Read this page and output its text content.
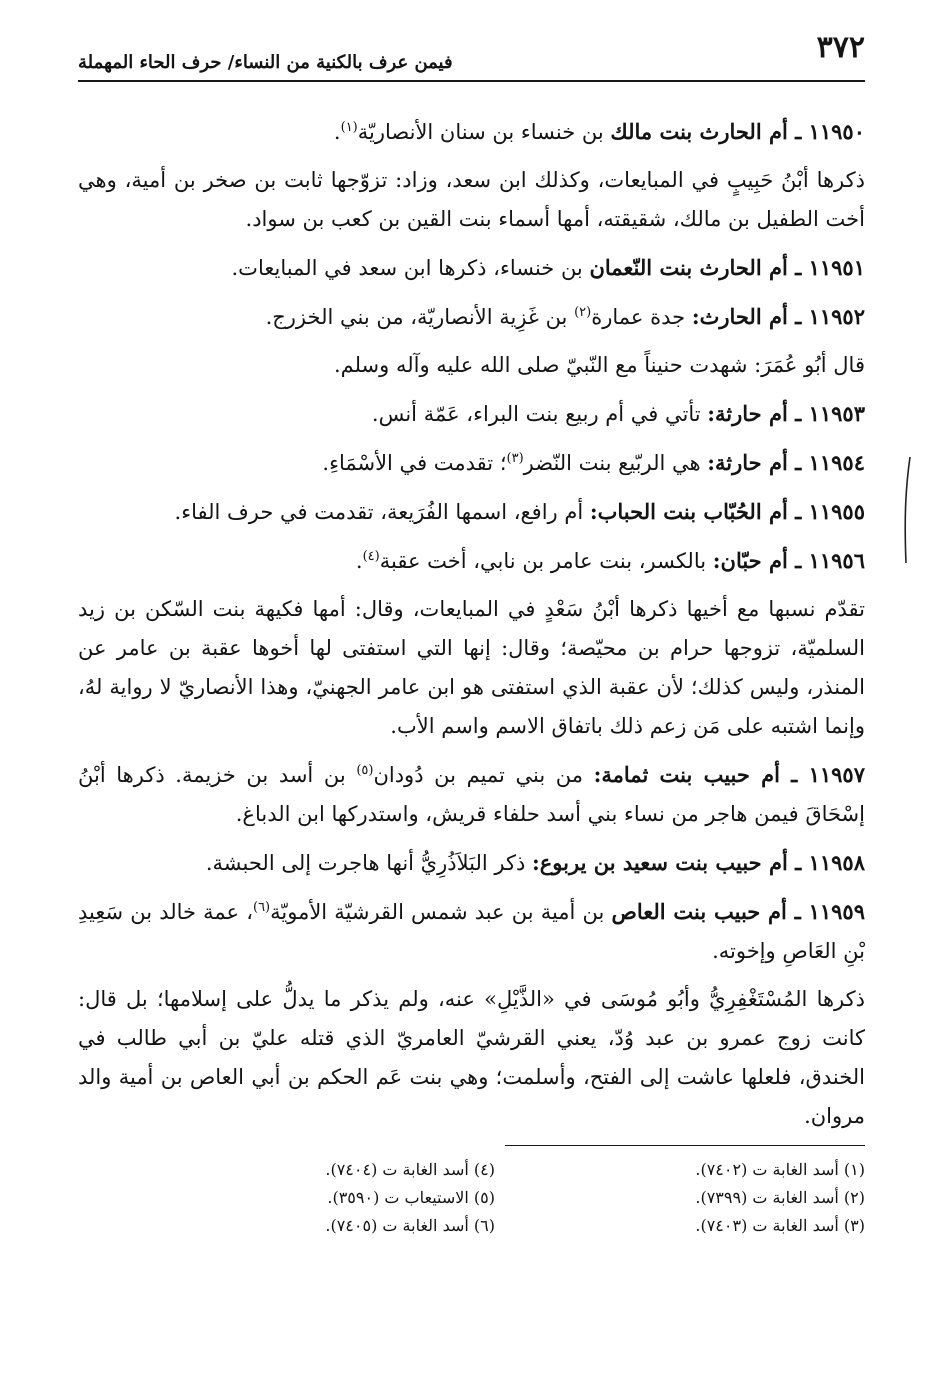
٣٧٢
فيمن عرف بالكنية من النساء/ حرف الحاء المهملة

١١٩٥٠ ـ أم الحارث بنت مالك بن خنساء بن سنان الأنصاريّة$^{(١)}$.

ذكرها أبْنُ حَبِيبٍ في المبايعات، وكذلك ابن سعد، وزاد: تزوّجها ثابت بن صخر بن أمية، وهي أخت الطفيل بن مالك، شقيقته، أمها أسماء بنت القين بن كعب بن سواد.

١١٩٥١ ـ أم الحارث بنت النّعمان بن خنساء، ذكرها ابن سعد في المبايعات.

١١٩٥٢ ـ أم الحارث: جدة عمارة$^{(٢)}$ بن غَزِية الأنصاريّة، من بني الخزرج.

قال أبُو عُمَرَ: شهدت حنيناً مع النّبيّ صلى الله عليه وآله وسلم.

١١٩٥٣ ـ أم حارثة: تأتي في أم ربيع بنت البراء، عَمّة أنس.

١١٩٥٤ ـ أم حارثة: هي الربّيع بنت النّضر$^{(٣)}$؛ تقدمت في الأسْمَاءِ.

١١٩٥٥ ـ أم الحُبّاب بنت الحباب: أم رافع، اسمها الفُرَيعة، تقدمت في حرف الفاء.

١١٩٥٦ ـ أم حبّان: بالكسر، بنت عامر بن نابي، أخت عقبة$^{(٤)}$.

تقدّم نسبها مع أخيها ذكرها أبْنُ سَعْدٍ في المبايعات، وقال: أمها فكيهة بنت السّكن بن زيد السلميّة، تزوجها حرام بن محيّصة؛ وقال: إنها التي استفتى لها أخوها عقبة بن عامر عن المنذر، وليس كذلك؛ لأن عقبة الذي استفتى هو ابن عامر الجهنيّ، وهذا الأنصاريّ لا رواية لهُ، وإنما اشتبه على مَن زعم ذلك باتفاق الاسم واسم الأب.

١١٩٥٧ ـ أم حبيب بنت ثمامة: من بني تميم بن دُودان$^{(٥)}$ بن أسد بن خزيمة. ذكرها أبْنُ إسْحَاقَ فيمن هاجر من نساء بني أسد حلفاء قريش، واستدركها ابن الدباغ.

١١٩٥٨ ـ أم حبيب بنت سعيد بن يربوع: ذكر البَلاَذُرِيُّ أنها هاجرت إلى الحبشة.

١١٩٥٩ ـ أم حبيب بنت العاص بن أمية بن عبد شمس القرشيّة الأمويّة$^{(٦)}$، عمة خالد بن سَعِيدِ بْنِ العَاصِ وإخوته.

ذكرها المُسْتَغْفِرِيُّ وأبُو مُوسَى في «الذَّيْلِ» عنه، ولم يذكر ما يدلُّ على إسلامها؛ بل قال: كانت زوج عمرو بن عبد وُدّ، يعني القرشيّ العامريّ الذي قتله عليّ بن أبي طالب في الخندق، فلعلها عاشت إلى الفتح، وأسلمت؛ وهي بنت عَم الحكم بن أبي العاص بن أمية والد مروان.

(١) أسد الغابة ت (٧٤٠٢).
(٢) أسد الغابة ت (٧٣٩٩).
(٣) أسد الغابة ت (٧٤٠٣).
(٤) أسد الغابة ت (٧٤٠٤).
(٥) الاستيعاب ت (٣٥٩٠).
(٦) أسد الغابة ت (٧٤٠٥).
